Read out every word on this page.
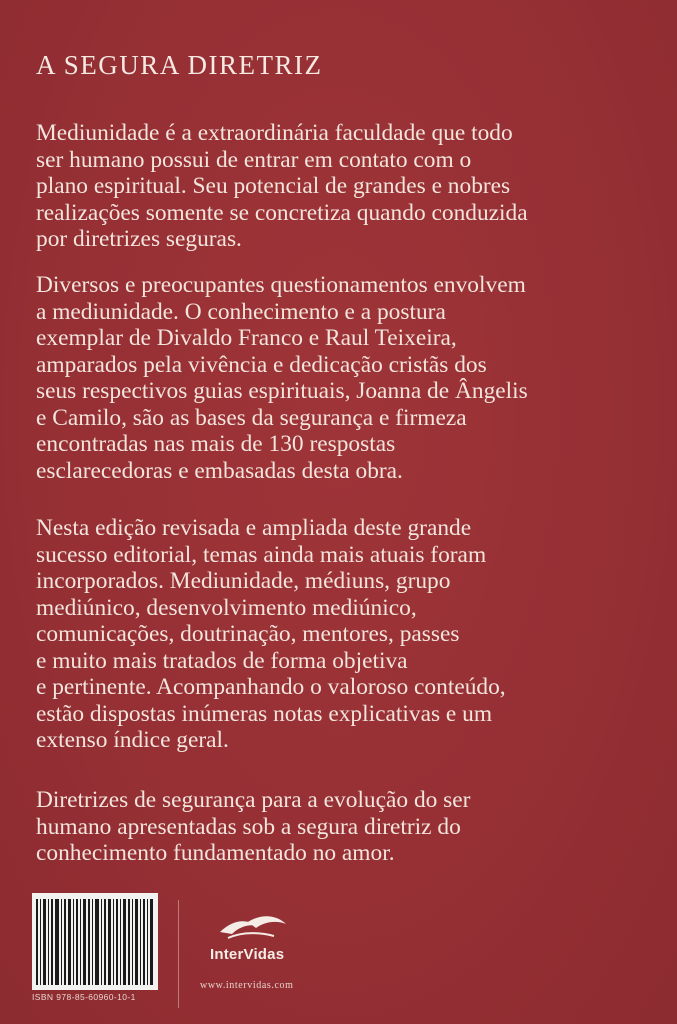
A SEGURA DIRETRIZ

Mediunidade é a extraordinária faculdade que todo
ser humano possui de entrar em contato com o
plano espiritual. Seu potencial de grandes e nobres
realizações somente se concretiza quando conduzida
por diretrizes seguras.

Diversos e preocupantes questionamentos envolvem
a mediunidade. O conhecimento e a postura
exemplar de Divaldo Franco e Raul Teixeira,
amparados pela vivência e dedicação cristãs dos
seus respectivos guias espirituais, Joanna de Ângelis
e Camilo, são as bases da segurança e firmeza
encontradas nas mais de 130 respostas
esclarecedoras e embasadas desta obra.

Nesta edição revisada e ampliada deste grande
sucesso editorial, temas ainda mais atuais foram
incorporados. Mediunidade, médiuns, grupo
mediúnico, desenvolvimento mediúnico,
comunicações, doutrinação, mentores, passes
e muito mais tratados de forma objetiva
e pertinente. Acompanhando o valoroso conteúdo,
estão dispostas inúmeras notas explicativas e um
extenso índice geral.

Diretrizes de segurança para a evolução do ser
humano apresentadas sob a segura diretriz do
conhecimento fundamentado no amor.

ISBN 978-85-60960-10-1
InterVidas
www.intervidas.com
